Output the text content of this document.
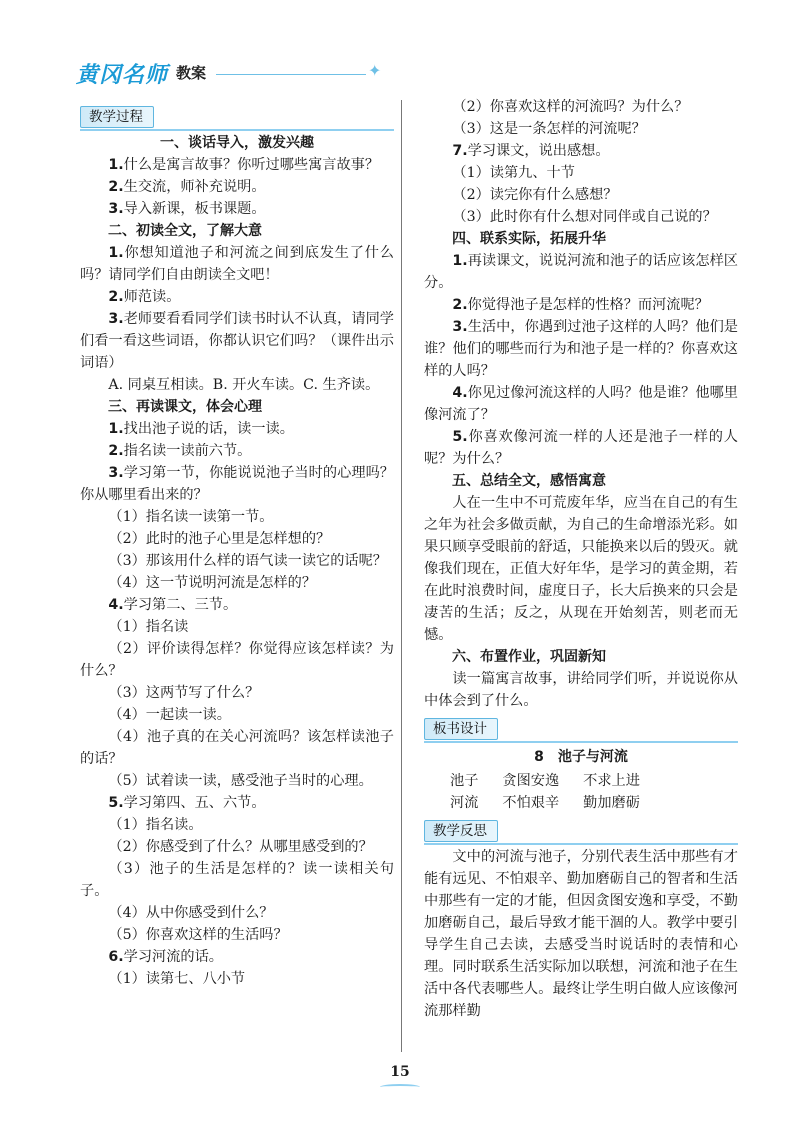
黄冈名师 教案	✦
教学过程

一、谈话导入，激发兴趣

1.什么是寓言故事？你听过哪些寓言故事？

2.生交流，师补充说明。

3.导入新课，板书课题。

二、初读全文，了解大意

1.你想知道池子和河流之间到底发生了什么吗？请同学们自由朗读全文吧！

2.师范读。

3.老师要看看同学们读书时认不认真，请同学们看一看这些词语，你都认识它们吗？（课件出示词语）

A. 同桌互相读。B. 开火车读。C. 生齐读。

三、再读课文，体会心理

1.找出池子说的话，读一读。

2.指名读一读前六节。

3.学习第一节，你能说说池子当时的心理吗？你从哪里看出来的？

（1）指名读一读第一节。

（2）此时的池子心里是怎样想的？

（3）那该用什么样的语气读一读它的话呢？

（4）这一节说明河流是怎样的？

4.学习第二、三节。

（1）指名读

（2）评价读得怎样？你觉得应该怎样读？为什么？

（3）这两节写了什么？

（4）一起读一读。

（4）池子真的在关心河流吗？该怎样读池子的话？

（5）试着读一读，感受池子当时的心理。

5.学习第四、五、六节。

（1）指名读。

（2）你感受到了什么？从哪里感受到的？

（3）池子的生活是怎样的？读一读相关句子。

（4）从中你感受到什么？

（5）你喜欢这样的生活吗？

6.学习河流的话。

（1）读第七、八小节

（2）你喜欢这样的河流吗？为什么？

（3）这是一条怎样的河流呢？

7.学习课文，说出感想。

（1）读第九、十节

（2）读完你有什么感想？

（3）此时你有什么想对同伴或自己说的？

四、联系实际，拓展升华

1.再读课文，说说河流和池子的话应该怎样区分。

2.你觉得池子是怎样的性格？而河流呢？

3.生活中，你遇到过池子这样的人吗？他们是谁？他们的哪些而行为和池子是一样的？你喜欢这样的人吗？

4.你见过像河流这样的人吗？他是谁？他哪里像河流了？

5.你喜欢像河流一样的人还是池子一样的人呢？为什么？

五、总结全文，感悟寓意

人在一生中不可荒废年华，应当在自己的有生之年为社会多做贡献，为自己的生命增添光彩。如果只顾享受眼前的舒适，只能换来以后的毁灭。就像我们现在，正值大好年华，是学习的黄金期，若在此时浪费时间，虚度日子，长大后换来的只会是凄苦的生活；反之，从现在开始刻苦，则老而无憾。

六、布置作业，巩固新知

读一篇寓言故事，讲给同学们听，并说说你从中体会到了什么。

板书设计
8　池子与河流
池子 贪图安逸 不求上进
河流 不怕艰辛 勤加磨砺
教学反思

文中的河流与池子，分别代表生活中那些有才能有远见、不怕艰辛、勤加磨砺自己的智者和生活中那些有一定的才能，但因贪图安逸和享受，不勤加磨砺自己，最后导致才能干涸的人。教学中要引导学生自己去读，去感受当时说话时的表情和心理。同时联系生活实际加以联想，河流和池子在生活中各代表哪些人。最终让学生明白做人应该像河流那样勤

15
